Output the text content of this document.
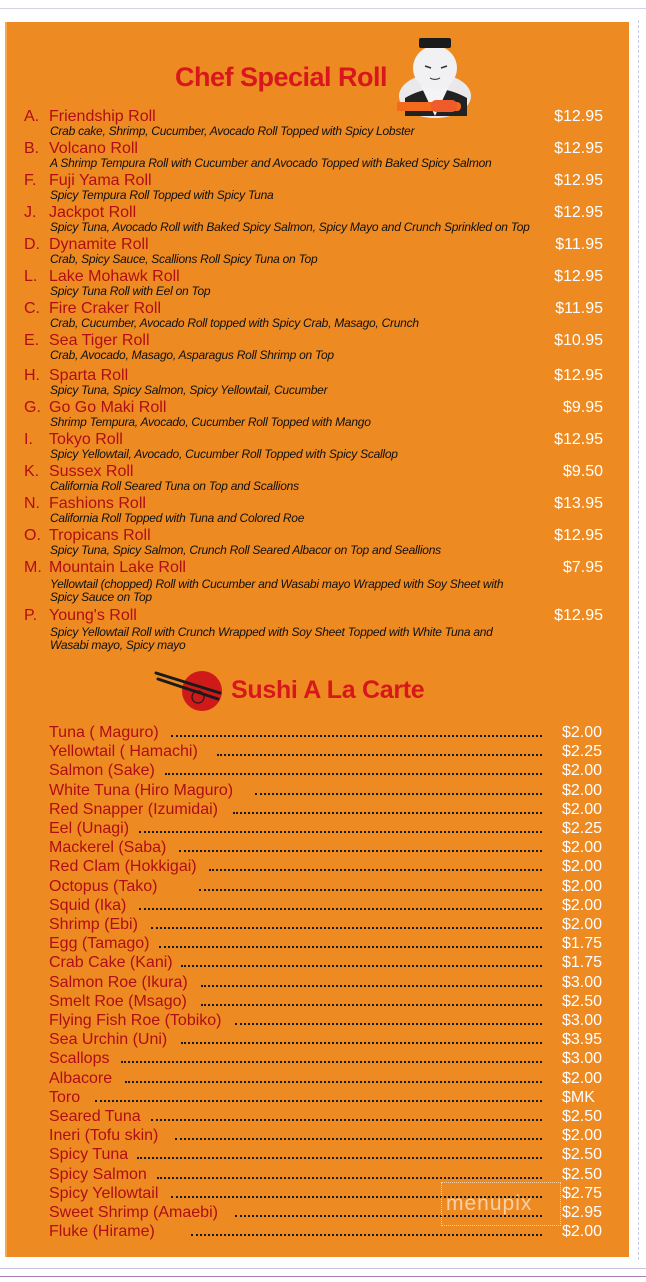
Chef Special Roll
A. Friendship Roll
Crab cake, Shrimp, Cucumber, Avocado Roll Topped with Spicy Lobster
$12.95
B. Volcano Roll
A Shrimp Tempura Roll with Cucumber and Avocado Topped with Baked Spicy Salmon
$12.95
F. Fuji Yama Roll
Spicy Tempura Roll Topped with Spicy Tuna
$12.95
J. Jackpot Roll
Spicy Tuna, Avocado Roll with Baked Spicy Salmon, Spicy Mayo and Crunch Sprinkled on Top
$12.95
D. Dynamite Roll
Crab, Spicy Sauce, Scallions Roll Spicy Tuna on Top
$11.95
L. Lake Mohawk Roll
Spicy Tuna Roll with Eel on Top
$12.95
C. Fire Craker Roll
Crab, Cucumber, Avocado Roll topped with Spicy Crab, Masago, Crunch
$11.95
E. Sea Tiger Roll
Crab, Avocado, Masago, Asparagus Roll Shrimp on Top
$10.95
H. Sparta Roll
Spicy Tuna, Spicy Salmon, Spicy Yellowtail, Cucumber
$12.95
G. Go Go Maki Roll
Shrimp Tempura, Avocado, Cucumber Roll Topped with Mango
$9.95
I. Tokyo Roll
Spicy Yellowtail, Avocado, Cucumber Roll Topped with Spicy Scallop
$12.95
K. Sussex Roll
California Roll Seared Tuna on Top and Scallions
$9.50
N. Fashions Roll
California Roll Topped with Tuna and Colored Roe
$13.95
O. Tropicans Roll
Spicy Tuna, Spicy Salmon, Crunch Roll Seared Albacor on Top and Seallions
$12.95
M. Mountain Lake Roll
Yellowtail (chopped) Roll with Cucumber and Wasabi mayo Wrapped with Soy Sheet with Spicy Sauce on Top
$7.95
P. Young's Roll
Spicy Yellowtail Roll with Crunch Wrapped with Soy Sheet Topped with White Tuna and Wasabi mayo, Spicy mayo
$12.95
Sushi A La Carte
Tuna ( Maguro)	$2.00
Yellowtail ( Hamachi)	$2.25
Salmon (Sake)	$2.00
White Tuna (Hiro Maguro)	$2.00
Red Snapper (Izumidai)	$2.00
Eel (Unagi)	$2.25
Mackerel (Saba)	$2.00
Red Clam (Hokkigai)	$2.00
Octopus (Tako)	$2.00
Squid (Ika)	$2.00
Shrimp (Ebi)	$2.00
Egg (Tamago)	$1.75
Crab Cake (Kani)	$1.75
Salmon Roe (Ikura)	$3.00
Smelt Roe (Msago)	$2.50
Flying Fish Roe (Tobiko)	$3.00
Sea Urchin (Uni)	$3.95
Scallops	$3.00
Albacore	$2.00
Toro	$MK
Seared Tuna	$2.50
Ineri (Tofu skin)	$2.00
Spicy Tuna	$2.50
Spicy Salmon	$2.50
Spicy Yellowtail	$2.75
Sweet Shrimp (Amaebi)	$2.95
Fluke (Hirame)	$2.00
menupix
